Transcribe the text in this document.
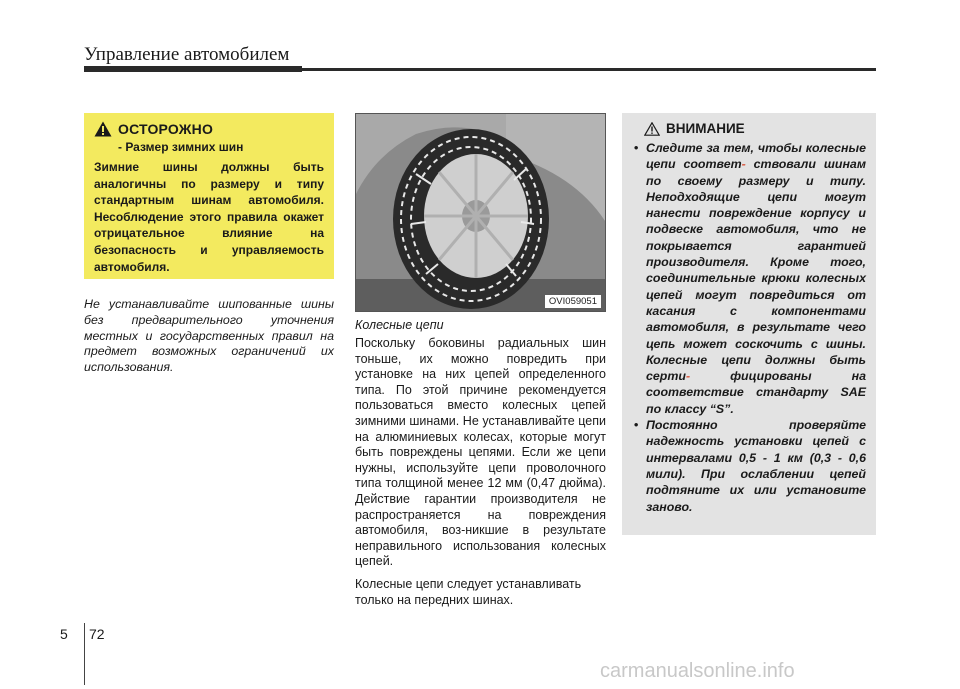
Управление автомобилем
ОСТОРОЖНО
- Размер зимних шин
Зимние шины должны быть аналогичны по размеру и типу стандартным шинам автомобиля. Несоблюдение этого правила окажет отрицательное влияние на безопасность и управляемость автомобиля.
Не устанавливайте шипованные шины без предварительного уточнения местных и государственных правил на предмет возможных ограничений их использования.
OVI059051
Колесные цепи
Поскольку боковины радиальных шин тоньше, их можно повредить при установке на них цепей определенного типа. По этой причине рекомендуется пользоваться вместо колесных цепей зимними шинами. Не устанавливайте цепи на алюминиевых колесах, которые могут быть повреждены цепями. Если же цепи нужны, используйте цепи проволочного типа толщиной менее 12 мм (0,47 дюйма). Действие гарантии производителя не распространяется на повреждения автомобиля, воз-никшие в результате неправильного использования колесных цепей.
Колесные цепи следует устанавливать только на передних шинах.
ВНИМАНИЕ
• Следите за тем, чтобы колесные цепи соответ- ствовали шинам по своему размеру и типу. Неподходящие цепи могут нанести повреждение корпусу и подвеске автомобиля, что не покрывается гарантией производителя. Кроме того, соединительные крюки колесных цепей могут повредиться от касания с компонентами автомобиля, в результате чего цепь может соскочить с шины. Колесные цепи должны быть серти-	фицированы на соответствие стандарту SAE по классу “S”.
• Постоянно проверяйте надежность установки цепей с интервалами 0,5 - 1 км (0,3 - 0,6 мили). При ослаблении цепей подтяните их или установите заново.
5 72
carmanualsonline.info
